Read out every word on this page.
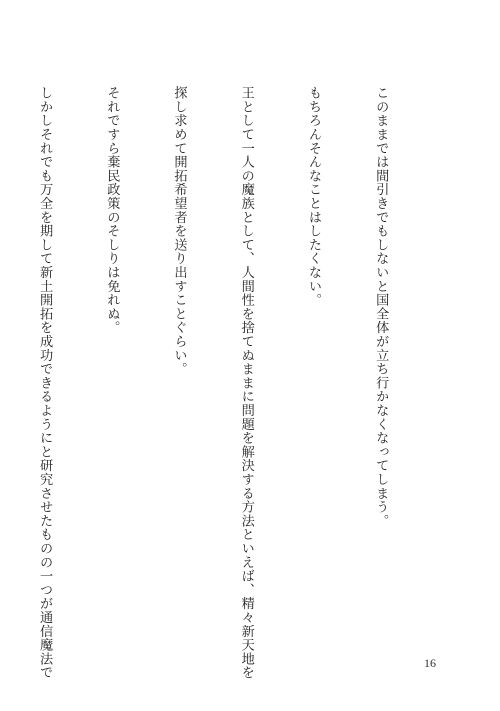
このままでは間引きでもしないと国全体が立ち行かなくなってしまう。

もちろんそんなことはしたくない。

王として一人の魔族として、人間性を捨てぬままに問題を解決する方法といえば、精々新天地を

探し求めて開拓希望者を送り出すことぐらい。

それですら棄民政策のそしりは免れぬ。

しかしそれでも万全を期して新土開拓を成功できるようにと研究させたものの一つが通信魔法で

	16
